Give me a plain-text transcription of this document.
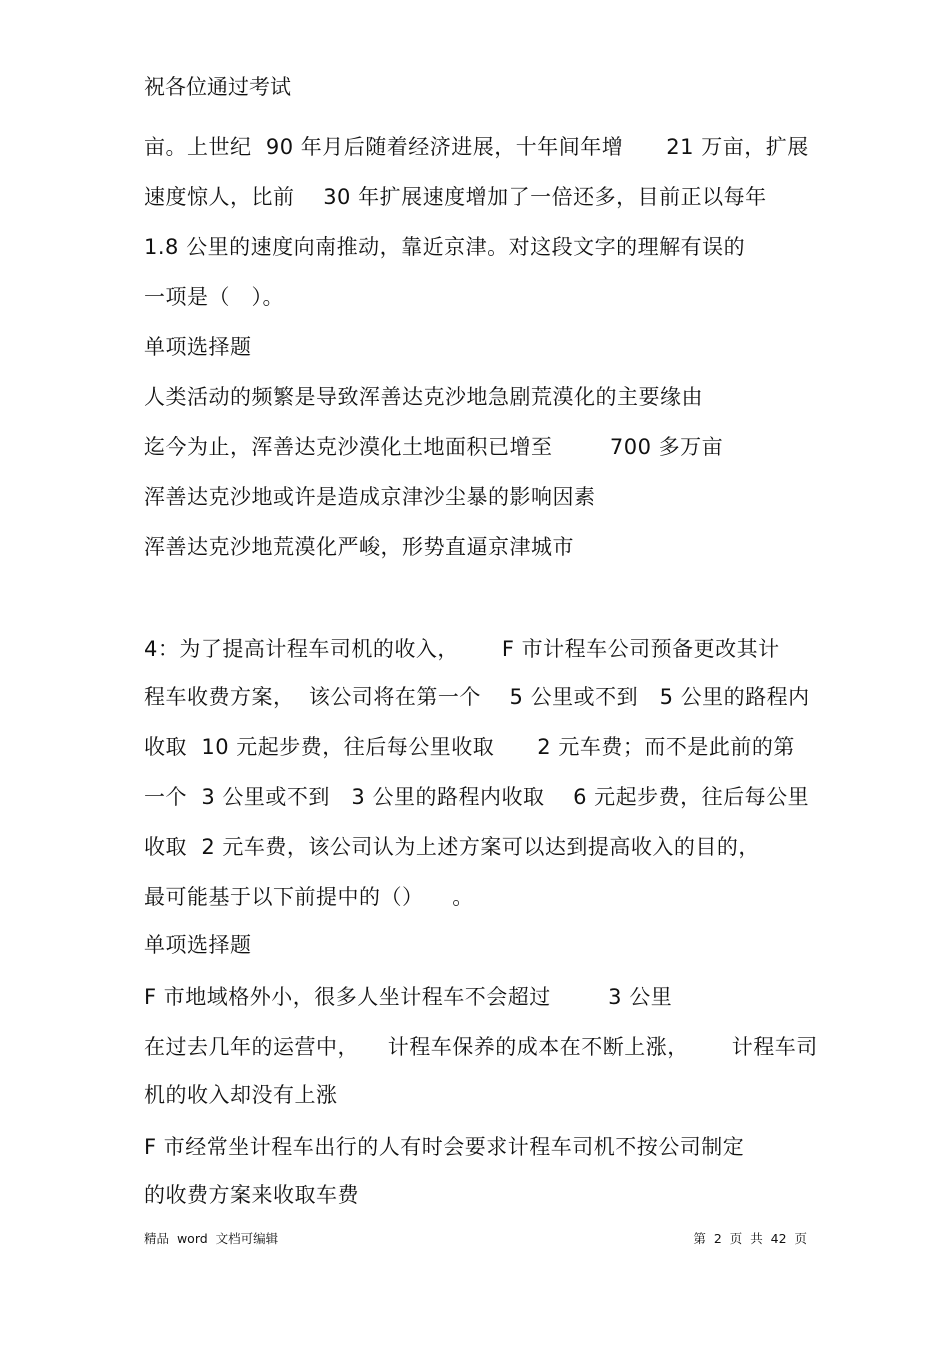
祝各位通过考试
亩。上世纪  90 年月后随着经济进展，十年间年增      21 万亩，扩展
速度惊人，比前    30 年扩展速度增加了一倍还多，目前正以每年
1.8 公里的速度向南推动，靠近京津。对这段文字的理解有误的
一项是（   ）。
单项选择题
人类活动的频繁是导致浑善达克沙地急剧荒漠化的主要缘由
迄今为止，浑善达克沙漠化土地面积已增至        700 多万亩
浑善达克沙地或许是造成京津沙尘暴的影响因素
浑善达克沙地荒漠化严峻，形势直逼京津城市
4：为了提高计程车司机的收入，      F 市计程车公司预备更改其计
程车收费方案，  该公司将在第一个    5 公里或不到   5 公里的路程内
收取  10 元起步费，往后每公里收取      2 元车费；而不是此前的第
一个  3 公里或不到   3 公里的路程内收取    6 元起步费，往后每公里
收取  2 元车费，该公司认为上述方案可以达到提高收入的目的，
最可能基于以下前提中的（）    。
单项选择题
F 市地域格外小，很多人坐计程车不会超过        3 公里
在过去几年的运营中，    计程车保养的成本在不断上涨，      计程车司
机的收入却没有上涨
F 市经常坐计程车出行的人有时会要求计程车司机不按公司制定
的收费方案来收取车费
精品  word  文档可编辑	第  2  页  共  42  页
